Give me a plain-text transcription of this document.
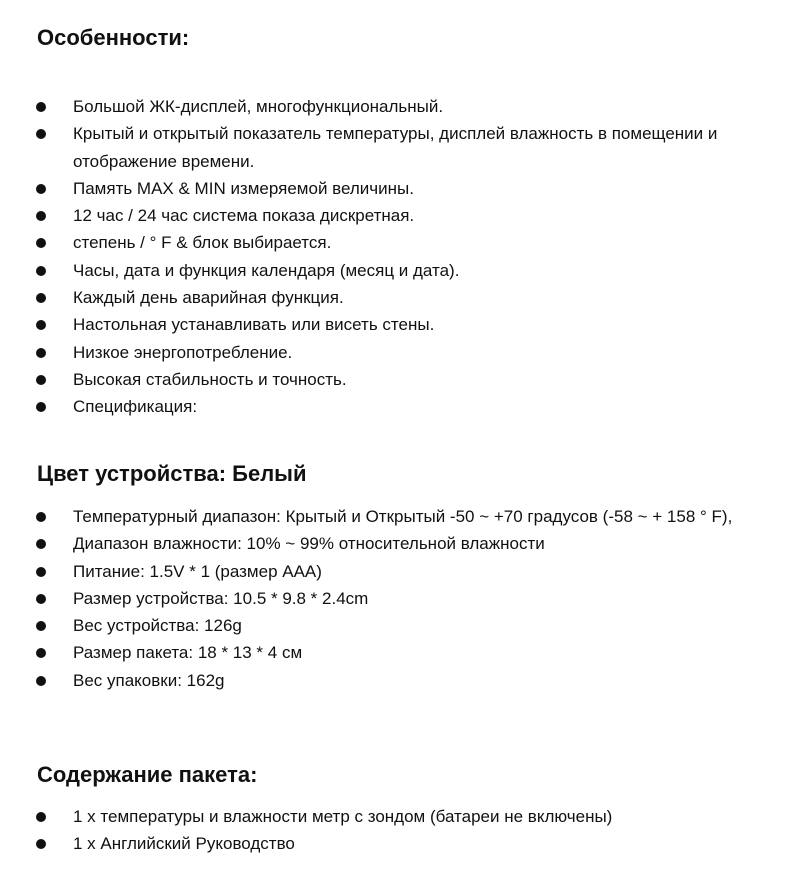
Особенности:
Большой ЖК-дисплей, многофункциональный.
Крытый и открытый показатель температуры, дисплей влажность в помещении и отображение времени.
Память MAX & MIN измеряемой величины.
12 час / 24 час система показа дискретная.
степень / ° F & блок выбирается.
Часы, дата и функция календаря (месяц и дата).
Каждый день аварийная функция.
Настольная устанавливать или висеть стены.
Низкое энергопотребление.
Высокая стабильность и точность.
Спецификация:
Цвет устройства: Белый
Температурный диапазон: Крытый и Открытый -50 ~ +70 градусов (-58 ~ + 158 ° F),
Диапазон влажности: 10% ~ 99% относительной влажности
Питание: 1.5V * 1 (размер AAA)
Размер устройства: 10.5 * 9.8 * 2.4cm
Вес устройства: 126g
Размер пакета: 18 * 13 * 4 см
Вес упаковки: 162g
Содержание пакета:
1 x температуры и влажности метр с зондом (батареи не включены)
1 x Английский Руководство
